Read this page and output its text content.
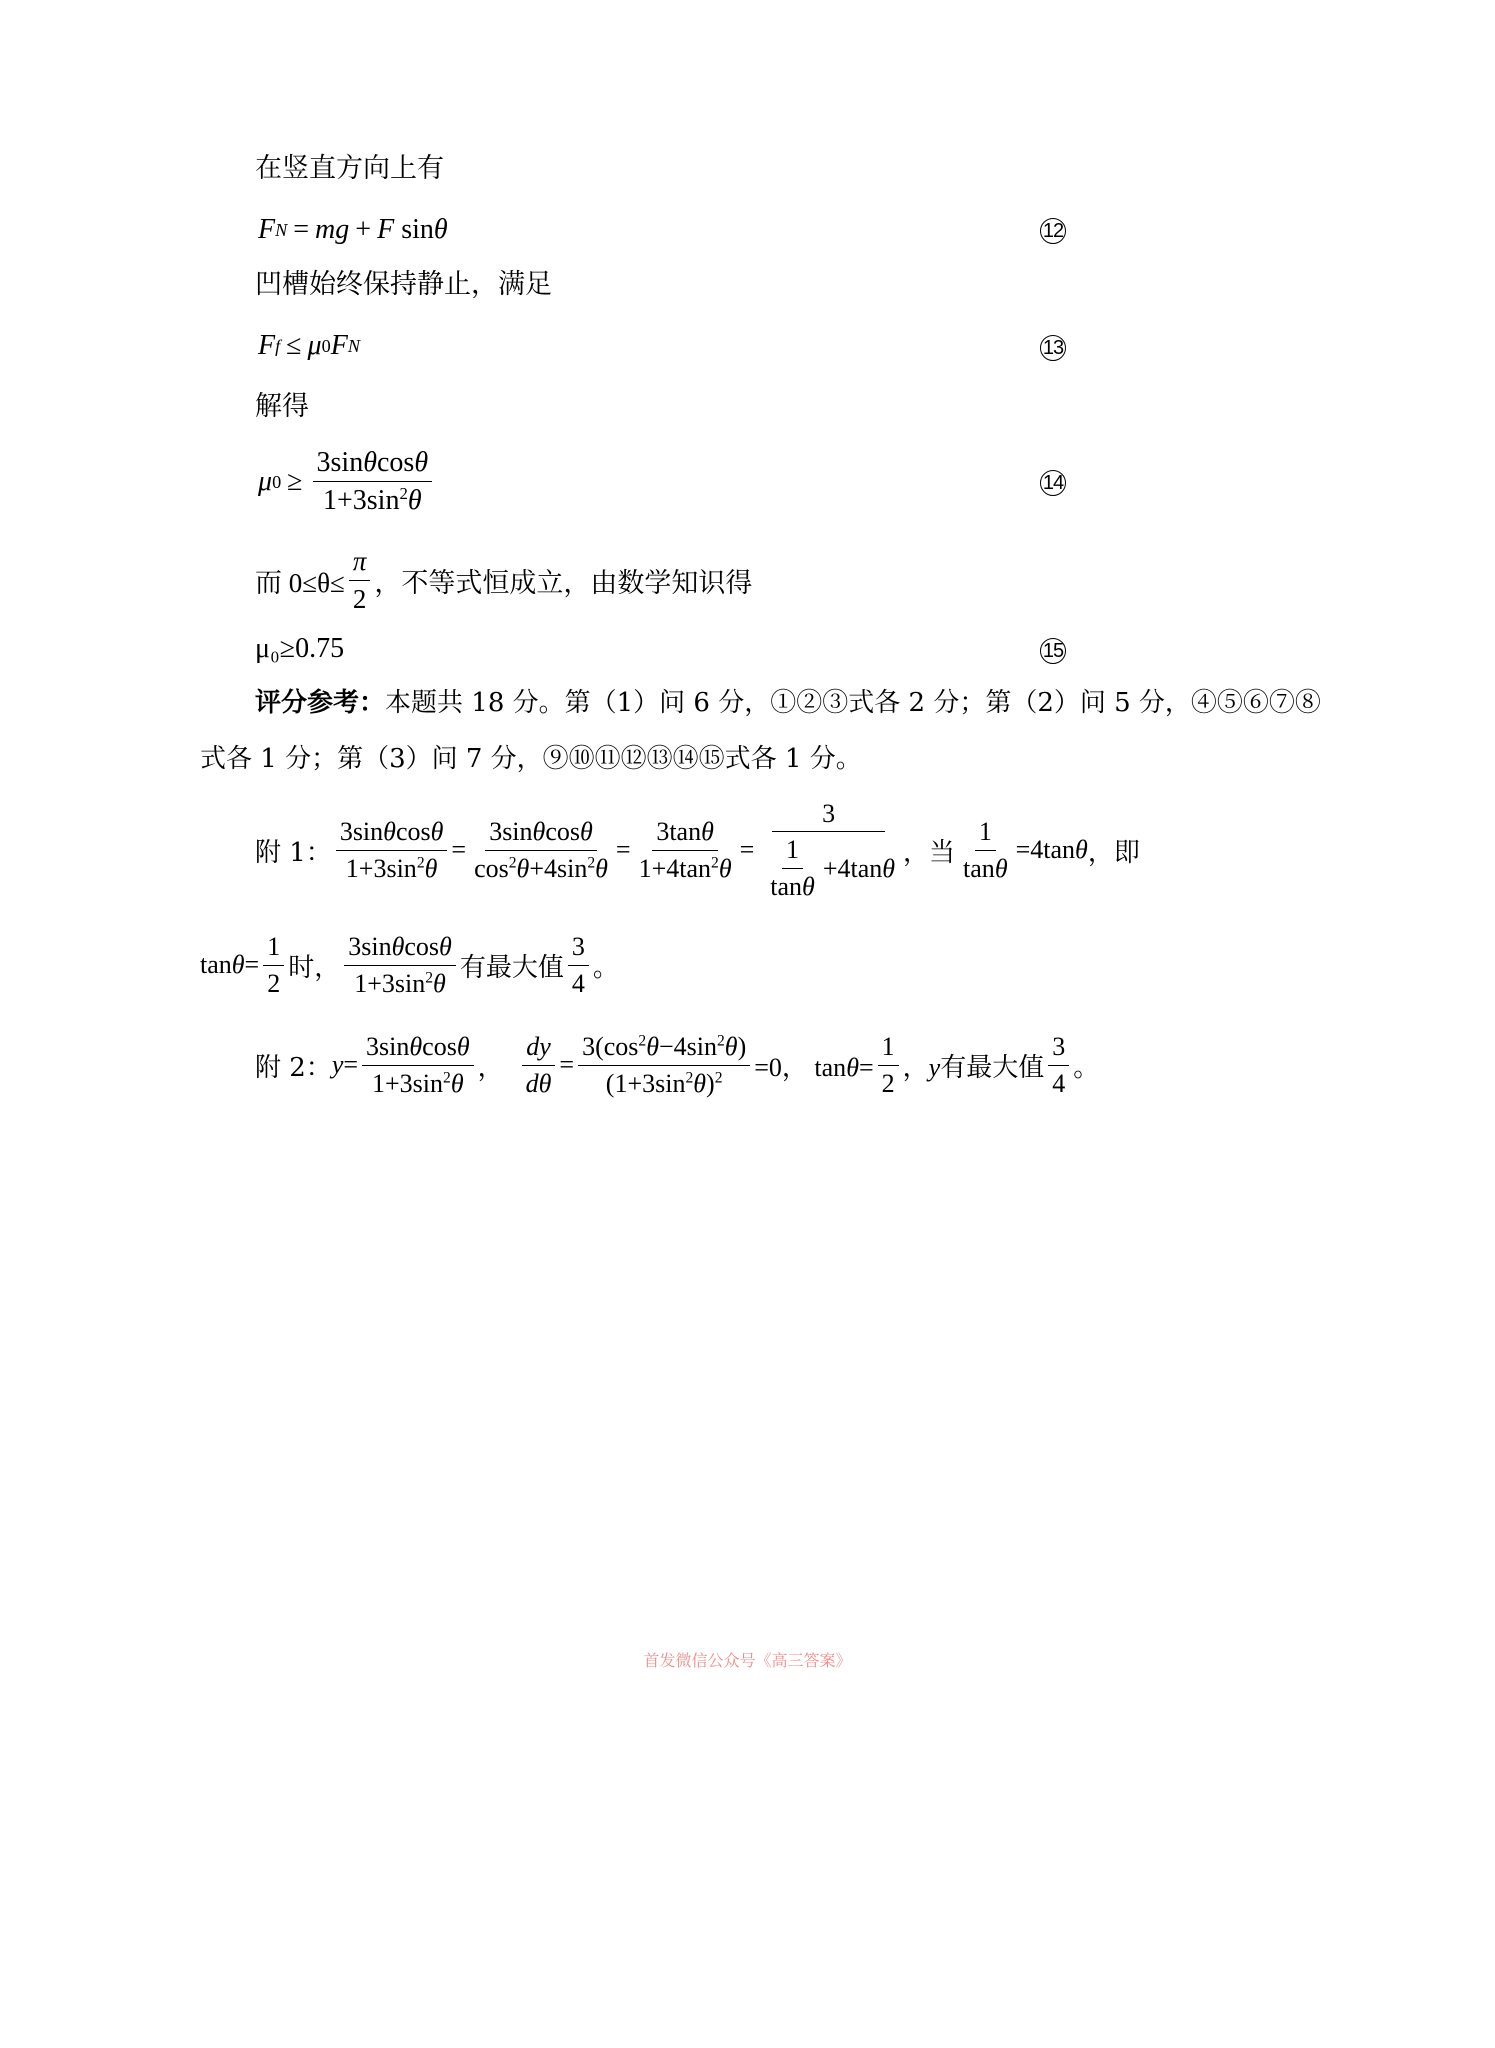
在竖直方向上有
F N = mg + F sin θ	12
凹槽始终保持静止，满足
F f ≤ μ 0 F N	13
解得
μ $0 \ge \frac{3\sin\theta\cos\theta}{1+3\sin^2\theta}$	14
而 $0\le\theta\le \frac{\pi}{2}$ ，不等式恒成立，由数学知识得
μ₀≥0.75	15
评分参考：本题共 18 分。第（1）问 6 分，①②③式各 2 分；第（2）问 5 分，④⑤⑥⑦⑧
式各 1 分；第（3）问 7 分，⑨⑩⑪⑫⑬⑭⑮式各 1 分。
附 1： $\frac{3\sin\theta\cos\theta}{1+3\sin^2\theta} = \frac{3\sin\theta\cos\theta}{\cos^2\theta+4\sin^2\theta} = \frac{3\tan\theta}{1+4\tan^2\theta} = \frac{3}{\frac{1}{\tan\theta} +4\tan \theta}$ ，当 $\frac{1}{\tan\theta} =4\tan\theta$ ，即
$\tan\theta= \frac{1}{2}$ 时， $\frac{3\sin\theta\cos\theta}{1+3\sin^2\theta}$ 有最大值 $\frac{3}{4}$ 。
附 2： $y = \frac{3\sin\theta\cos\theta}{1+3\sin^2\theta}$ ， $\frac{dy}{d\theta} = \frac{3(\cos^2\theta-4\sin^2\theta)}{(1+3\sin^2\theta)^2} =0$， $\tan\theta= \frac{1}{2}$ ，y 有最大值 $\frac{3}{4}$ 。
首发微信公众号《高三答案》
